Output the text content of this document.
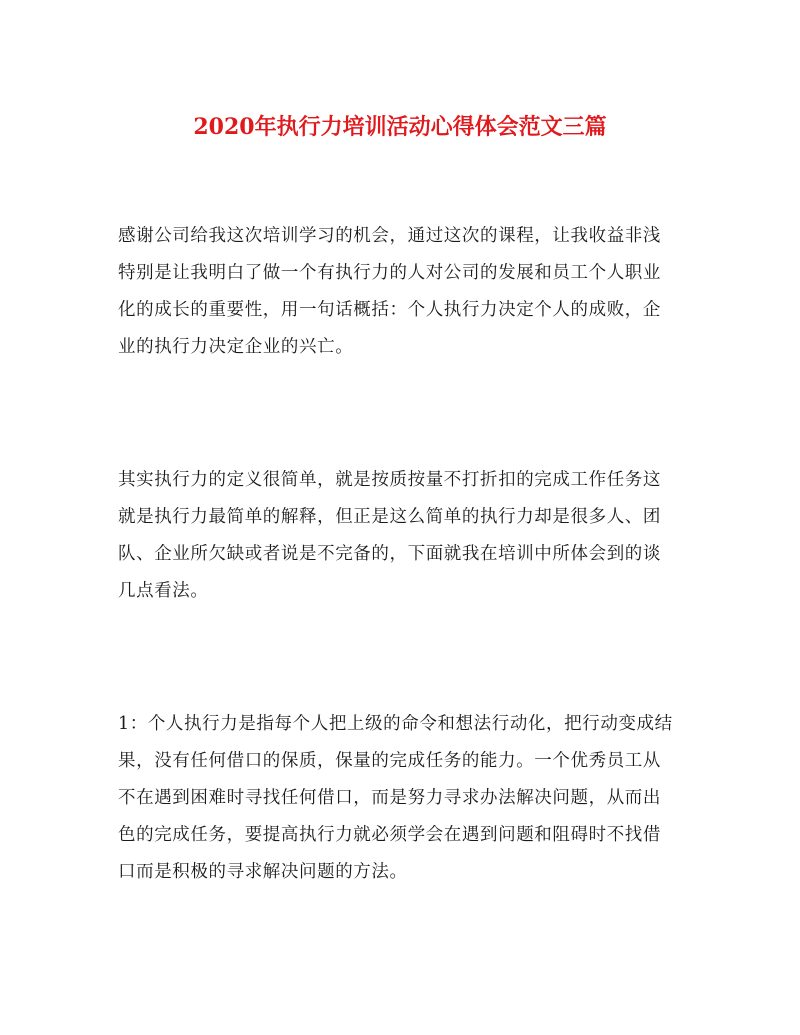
2020年执行力培训活动心得体会范文三篇

感谢公司给我这次培训学习的机会，通过这次的课程，让我收益非浅
特别是让我明白了做一个有执行力的人对公司的发展和员工个人职业
化的成长的重要性，用一句话概括：个人执行力决定个人的成败，企
业的执行力决定企业的兴亡。

其实执行力的定义很简单，就是按质按量不打折扣的完成工作任务这
就是执行力最简单的解释，但正是这么简单的执行力却是很多人、团
队、企业所欠缺或者说是不完备的，下面就我在培训中所体会到的谈
几点看法。

1：个人执行力是指每个人把上级的命令和想法行动化，把行动变成结
果，没有任何借口的保质，保量的完成任务的能力。一个优秀员工从
不在遇到困难时寻找任何借口，而是努力寻求办法解决问题，从而出
色的完成任务，要提高执行力就必须学会在遇到问题和阻碍时不找借
口而是积极的寻求解决问题的方法。
